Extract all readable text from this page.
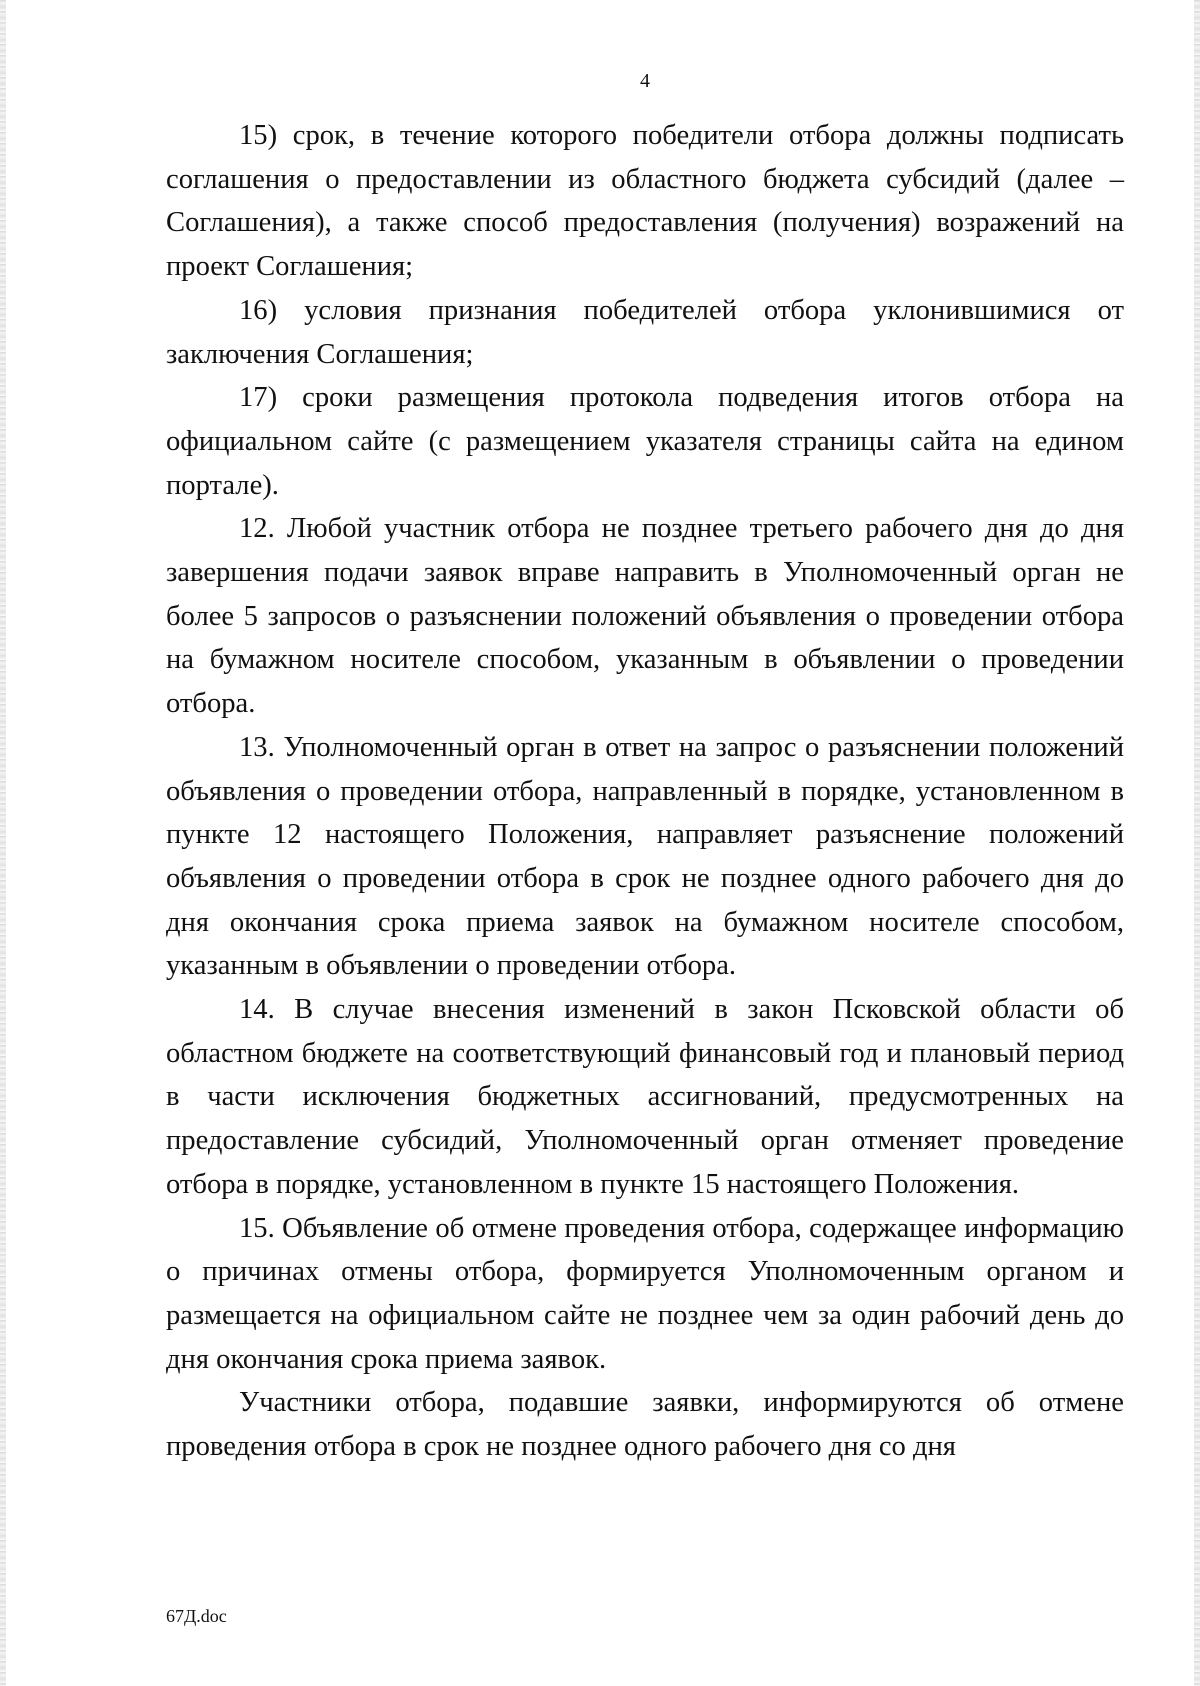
4

15) срок, в течение которого победители отбора должны подписать соглашения о предоставлении из областного бюджета субсидий (далее – Соглашения), а также способ предоставления (получения) возражений на проект Соглашения;

16) условия признания победителей отбора уклонившимися от заключения Соглашения;

17) сроки размещения протокола подведения итогов отбора на официальном сайте (с размещением указателя страницы сайта на едином портале).

12. Любой участник отбора не позднее третьего рабочего дня до дня завершения подачи заявок вправе направить в Уполномоченный орган не более 5 запросов о разъяснении положений объявления о проведении отбора на бумажном носителе способом, указанным в объявлении о проведении отбора.

13. Уполномоченный орган в ответ на запрос о разъяснении положений объявления о проведении отбора, направленный в порядке, установленном в пункте 12 настоящего Положения, направляет разъяснение положений объявления о проведении отбора в срок не позднее одного рабочего дня до дня окончания срока приема заявок на бумажном носителе способом, указанным в объявлении о проведении отбора.

14. В случае внесения изменений в закон Псковской области об областном бюджете на соответствующий финансовый год и плановый период в части исключения бюджетных ассигнований, предусмотренных на предоставление субсидий, Уполномоченный орган отменяет проведение отбора в порядке, установленном в пункте 15 настоящего Положения.

15. Объявление об отмене проведения отбора, содержащее информацию о причинах отмены отбора, формируется Уполномоченным органом и размещается на официальном сайте не позднее чем за один рабочий день до дня окончания срока приема заявок.

Участники отбора, подавшие заявки, информируются об отмене проведения отбора в срок не позднее одного рабочего дня со дня

67Д.doc
